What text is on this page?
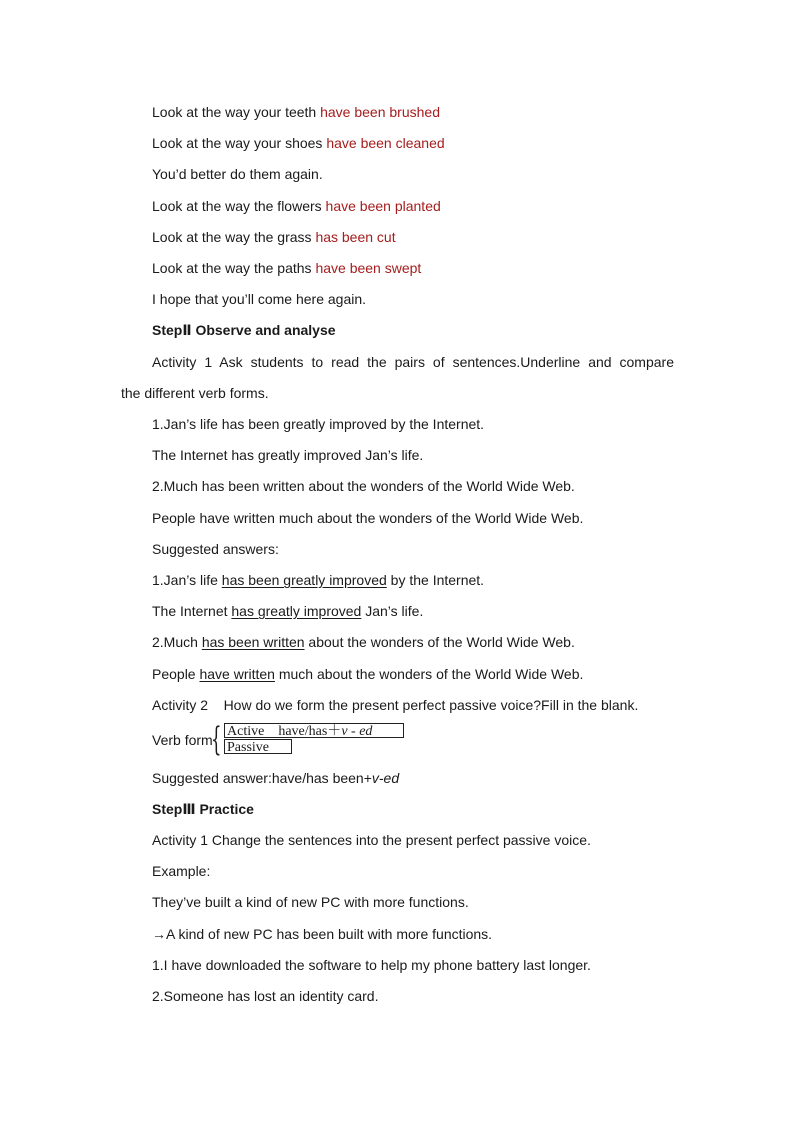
Look at the way your teeth have been brushed
Look at the way your shoes have been cleaned
You’d better do them again.
Look at the way the flowers have been planted
Look at the way the grass has been cut
Look at the way the paths have been swept
I hope that you’ll come here again.
StepⅡ Observe and analyse
Activity 1 Ask students to read the pairs of sentences.Underline and compare
the different verb forms.
1.Jan’s life has been greatly improved by the Internet.
The Internet has greatly improved Jan’s life.
2.Much has been written about the wonders of the World Wide Web.
People have written much about the wonders of the World Wide Web.
Suggested answers:
1.Jan’s life has been greatly improved by the Internet.
The Internet has greatly improved Jan’s life.
2.Much has been written about the wonders of the World Wide Web.
People have written much about the wonders of the World Wide Web.
Activity 2    How do we form the present perfect passive voice?Fill in the blank.
Verb form
{ Active have/has＋v - ed
Passive
Suggested answer:have/has been+v-ed
StepⅢ Practice
Activity 1 Change the sentences into the present perfect passive voice.
Example:
They’ve built a kind of new PC with more functions.
→A kind of new PC has been built with more functions.
1.I have downloaded the software to help my phone battery last longer.
2.Someone has lost an identity card.
